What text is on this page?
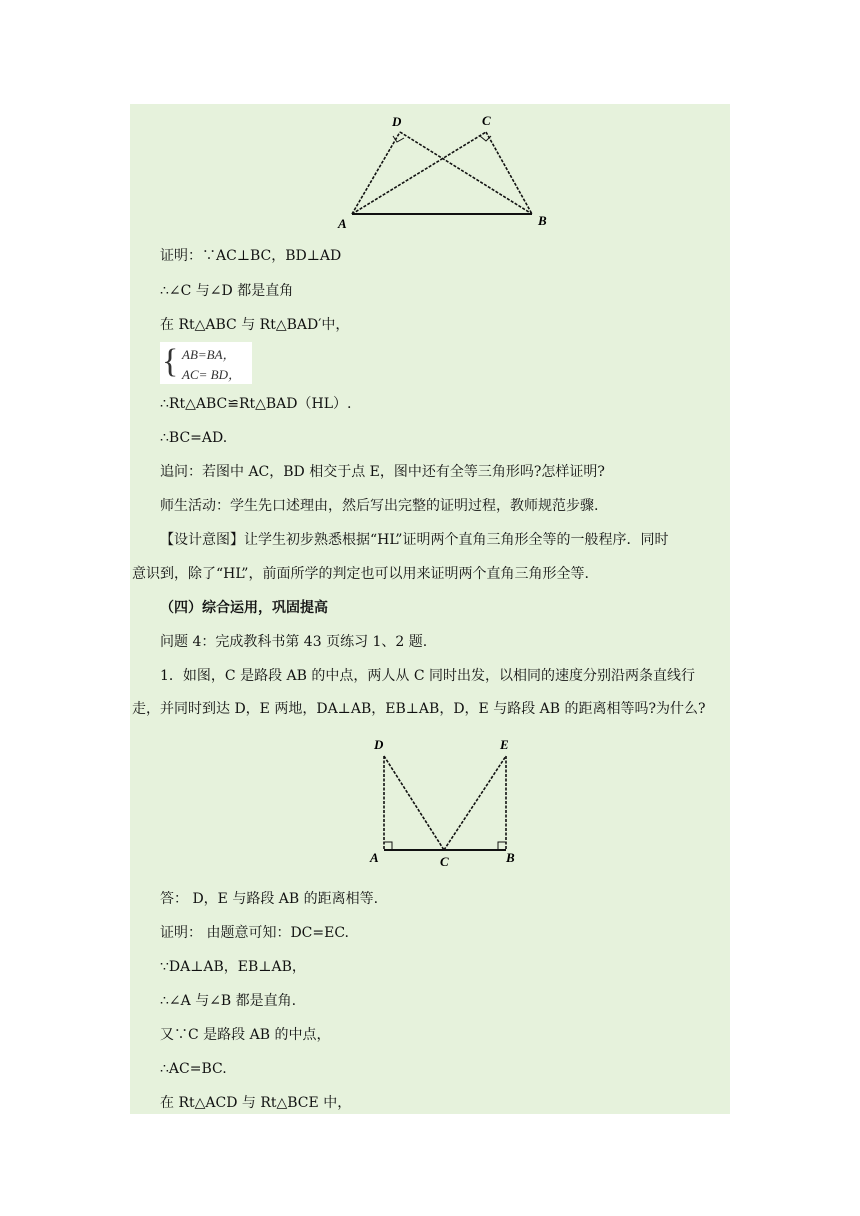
D	C
A	B
证明：∵AC⊥BC，BD⊥AD
∴∠C 与∠D 都是直角
在 Rt△ABC 与 Rt△BAD′中，
{ AB=BA，
AC= BD，
∴Rt△ABC≌Rt△BAD（HL）.
∴BC=AD.
追问：若图中 AC，BD 相交于点 E，图中还有全等三角形吗?怎样证明?
师生活动：学生先口述理由，然后写出完整的证明过程，教师规范步骤.
【设计意图】让学生初步熟悉根据“HL”证明两个直角三角形全等的一般程序．同时
意识到，除了“HL”，前面所学的判定也可以用来证明两个直角三角形全等.
（四）综合运用，巩固提高
问题 4：完成教科书第 43 页练习 1、2 题.
1．如图，C 是路段 AB 的中点，两人从 C 同时出发，以相同的速度分别沿两条直线行
走，并同时到达 D，E 两地，DA⊥AB，EB⊥AB，D，E 与路段 AB 的距离相等吗?为什么?
D	E
A	C	B
答： D，E 与路段 AB 的距离相等.
证明： 由题意可知：DC=EC.
∵DA⊥AB，EB⊥AB，
∴∠A 与∠B 都是直角.
又∵C 是路段 AB 的中点，
∴AC=BC.
在 Rt△ACD 与 Rt△BCE 中，
